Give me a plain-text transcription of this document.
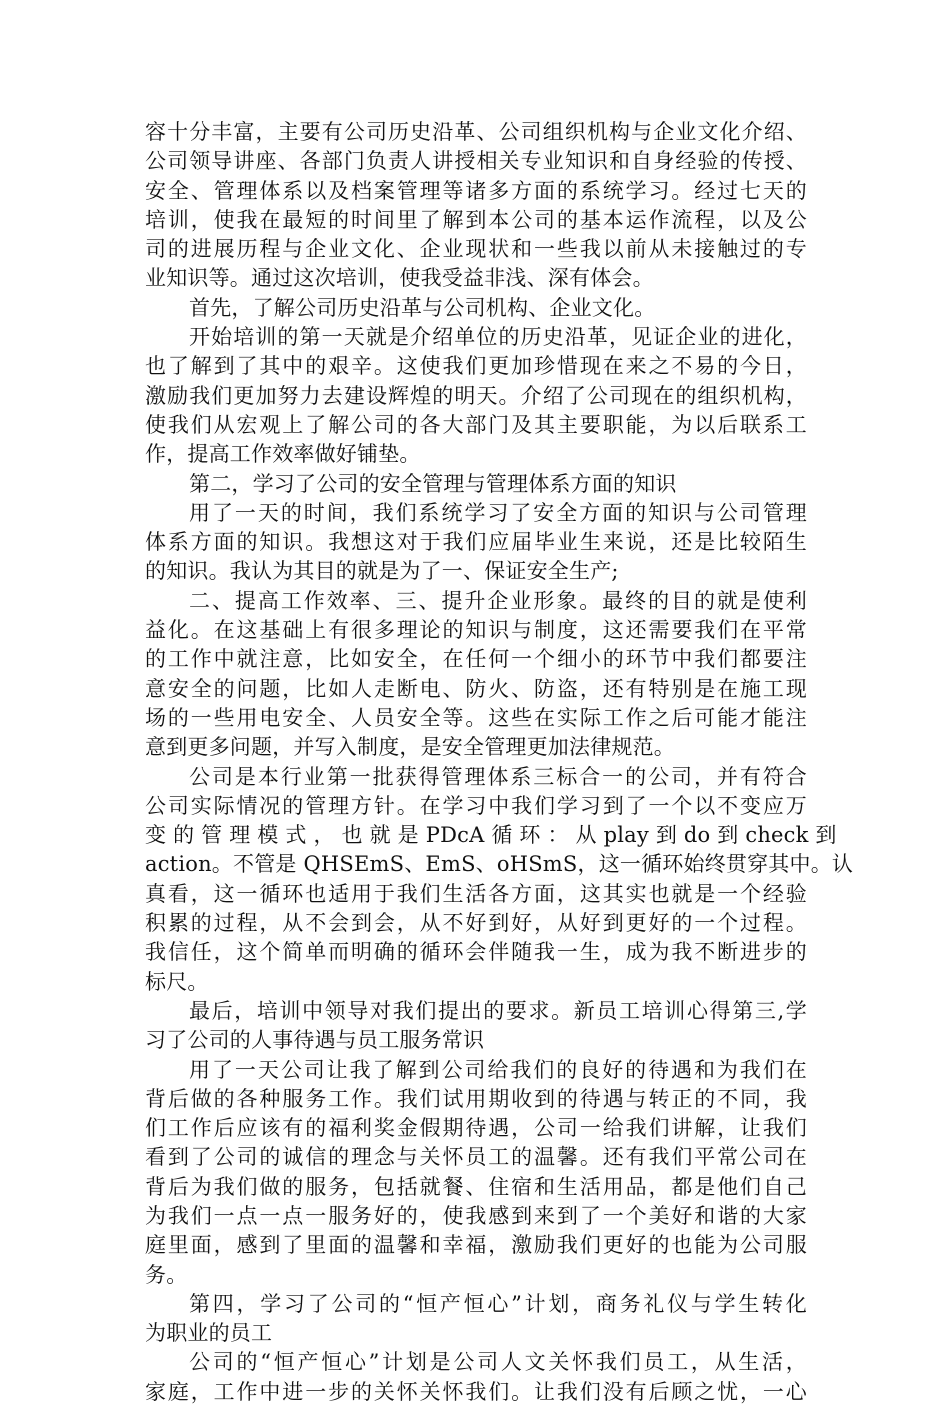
容十分丰富，主要有公司历史沿革、公司组织机构与企业文化介绍、
公司领导讲座、各部门负责人讲授相关专业知识和自身经验的传授、
安全、管理体系以及档案管理等诸多方面的系统学习。经过七天的
培训，使我在最短的时间里了解到本公司的基本运作流程，以及公
司的进展历程与企业文化、企业现状和一些我以前从未接触过的专
业知识等。通过这次培训，使我受益非浅、深有体会。
首先，了解公司历史沿革与公司机构、企业文化。
开始培训的第一天就是介绍单位的历史沿革，见证企业的进化，
也了解到了其中的艰辛。这使我们更加珍惜现在来之不易的今日，
激励我们更加努力去建设辉煌的明天。介绍了公司现在的组织机构，
使我们从宏观上了解公司的各大部门及其主要职能，为以后联系工
作，提高工作效率做好铺垫。
第二，学习了公司的安全管理与管理体系方面的知识
用了一天的时间，我们系统学习了安全方面的知识与公司管理
体系方面的知识。我想这对于我们应届毕业生来说，还是比较陌生
的知识。我认为其目的就是为了一、保证安全生产;
二、提高工作效率、三、提升企业形象。最终的目的就是使利
益化。在这基础上有很多理论的知识与制度，这还需要我们在平常
的工作中就注意，比如安全，在任何一个细小的环节中我们都要注
意安全的问题，比如人走断电、防火、防盗，还有特别是在施工现
场的一些用电安全、人员安全等。这些在实际工作之后可能才能注
意到更多问题，并写入制度，是安全管理更加法律规范。
公司是本行业第一批获得管理体系三标合一的公司，并有符合
公司实际情况的管理方针。在学习中我们学习到了一个以不变应万
变 的 管 理 模 式 ， 也 就 是 PDcA 循 环 ： 从 play 到 do 到 check 到
action。不管是 QHSEmS、EmS、oHSmS，这一循环始终贯穿其中。认
真看，这一循环也适用于我们生活各方面，这其实也就是一个经验
积累的过程，从不会到会，从不好到好，从好到更好的一个过程。
我信任，这个简单而明确的循环会伴随我一生，成为我不断进步的
标尺。
最后，培训中领导对我们提出的要求。新员工培训心得第三,学
习了公司的人事待遇与员工服务常识
用了一天公司让我了解到公司给我们的良好的待遇和为我们在
背后做的各种服务工作。我们试用期收到的待遇与转正的不同，我
们工作后应该有的福利奖金假期待遇，公司一给我们讲解，让我们
看到了公司的诚信的理念与关怀员工的温馨。还有我们平常公司在
背后为我们做的服务，包括就餐、住宿和生活用品，都是他们自己
为我们一点一点一服务好的，使我感到来到了一个美好和谐的大家
庭里面，感到了里面的温馨和幸福，激励我们更好的也能为公司服
务。
第四，学习了公司的“恒产恒心”计划，商务礼仪与学生转化
为职业的员工
公司的“恒产恒心”计划是公司人文关怀我们员工，从生活，
家庭，工作中进一步的关怀关怀我们。让我们没有后顾之忧，一心
